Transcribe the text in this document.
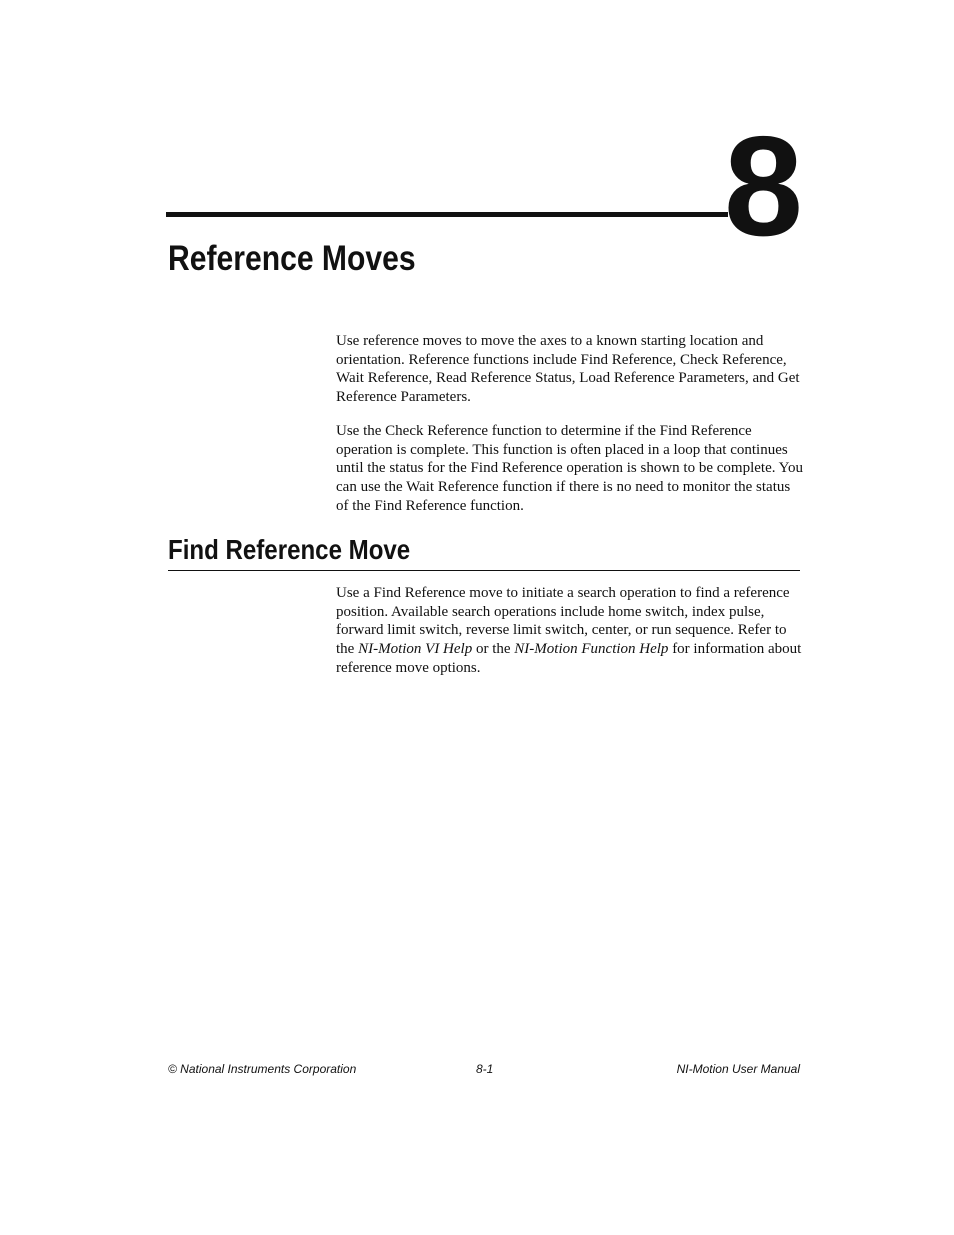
8
Reference Moves

Use reference moves to move the axes to a known starting location and orientation. Reference functions include Find Reference, Check Reference, Wait Reference, Read Reference Status, Load Reference Parameters, and Get Reference Parameters.

Use the Check Reference function to determine if the Find Reference operation is complete. This function is often placed in a loop that continues until the status for the Find Reference operation is shown to be complete. You can use the Wait Reference function if there is no need to monitor the status of the Find Reference function.

Find Reference Move

Use a Find Reference move to initiate a search operation to find a reference position. Available search operations include home switch, index pulse, forward limit switch, reverse limit switch, center, or run sequence. Refer to the NI-Motion VI Help or the NI-Motion Function Help for information about reference move options.

© National Instruments Corporation	8-1	NI-Motion User Manual
